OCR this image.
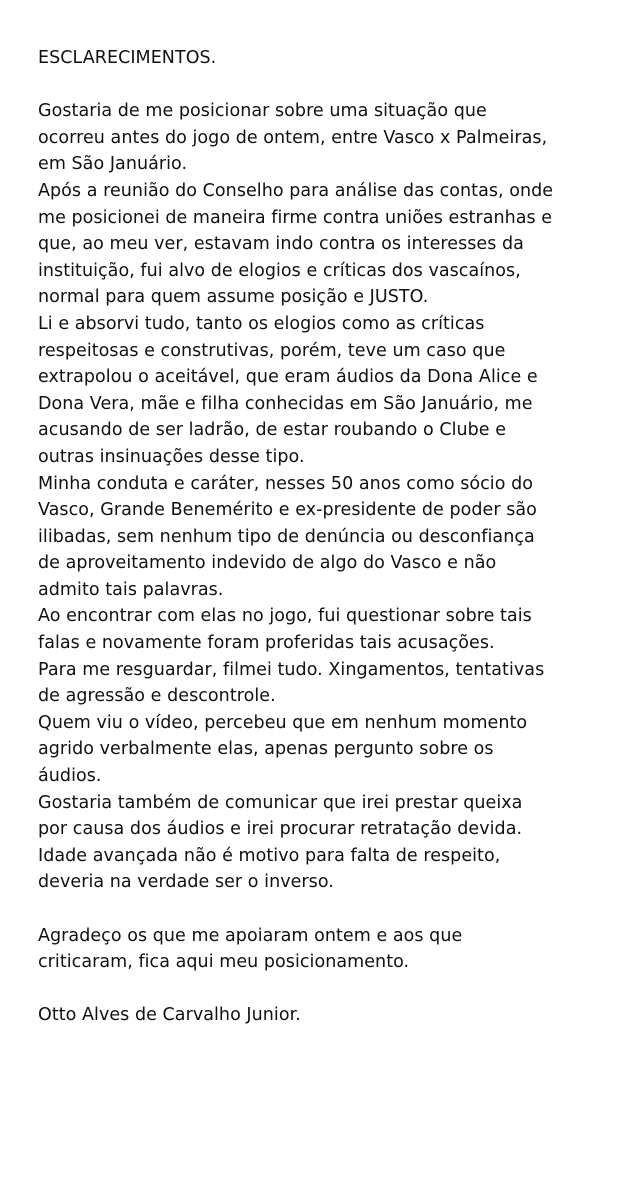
ESCLARECIMENTOS.
Gostaria de me posicionar sobre uma situação que
ocorreu antes do jogo de ontem, entre Vasco x Palmeiras,
em São Januário.
Após a reunião do Conselho para análise das contas, onde
me posicionei de maneira firme contra uniões estranhas e
que, ao meu ver, estavam indo contra os interesses da
instituição, fui alvo de elogios e críticas dos vascaínos,
normal para quem assume posição e JUSTO.
Li e absorvi tudo, tanto os elogios como as críticas
respeitosas e construtivas, porém, teve um caso que
extrapolou o aceitável, que eram áudios da Dona Alice e
Dona Vera, mãe e filha conhecidas em São Januário, me
acusando de ser ladrão, de estar roubando o Clube e
outras insinuações desse tipo.
Minha conduta e caráter, nesses 50 anos como sócio do
Vasco, Grande Benemérito e ex-presidente de poder são
ilibadas, sem nenhum tipo de denúncia ou desconfiança
de aproveitamento indevido de algo do Vasco e não
admito tais palavras.
Ao encontrar com elas no jogo, fui questionar sobre tais
falas e novamente foram proferidas tais acusações.
Para me resguardar, filmei tudo. Xingamentos, tentativas
de agressão e descontrole.
Quem viu o vídeo, percebeu que em nenhum momento
agrido verbalmente elas, apenas pergunto sobre os
áudios.
Gostaria também de comunicar que irei prestar queixa
por causa dos áudios e irei procurar retratação devida.
Idade avançada não é motivo para falta de respeito,
deveria na verdade ser o inverso.
Agradeço os que me apoiaram ontem e aos que
criticaram, fica aqui meu posicionamento.
Otto Alves de Carvalho Junior.
